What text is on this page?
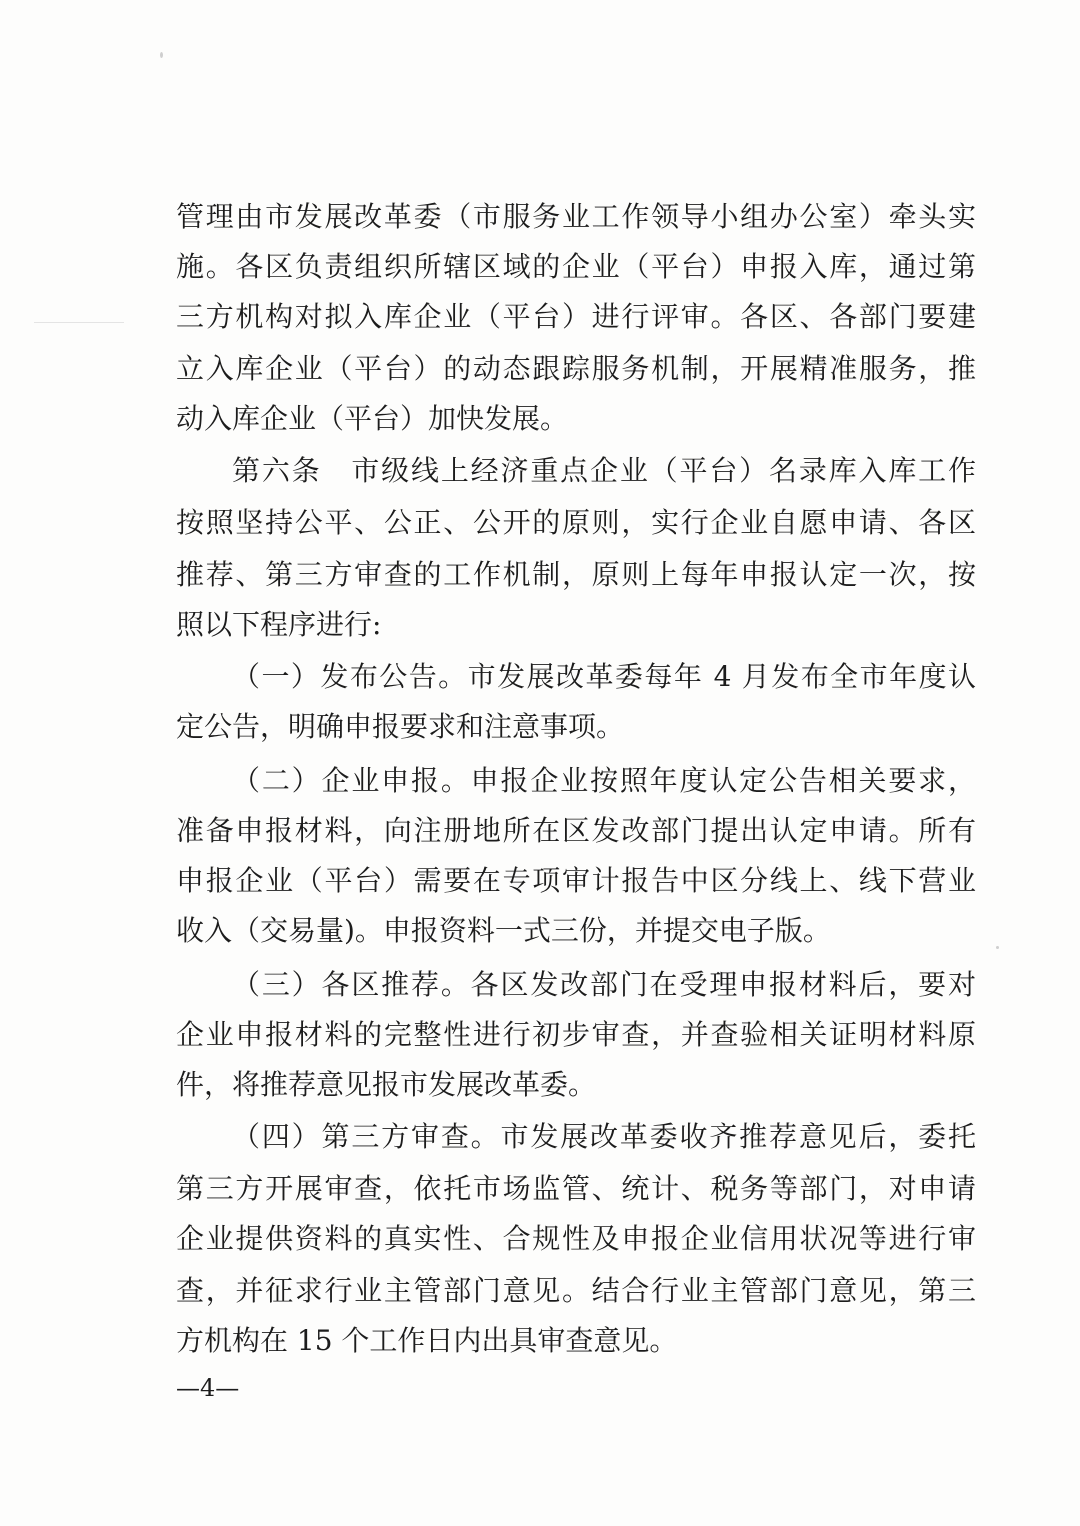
管理由市发展改革委（市服务业工作领导小组办公室）牵头实
施。各区负责组织所辖区域的企业（平台）申报入库，通过第
三方机构对拟入库企业（平台）进行评审。各区、各部门要建
立入库企业（平台）的动态跟踪服务机制，开展精准服务，推
动入库企业（平台）加快发展。
第六条　市级线上经济重点企业（平台）名录库入库工作
按照坚持公平、公正、公开的原则，实行企业自愿申请、各区
推荐、第三方审查的工作机制，原则上每年申报认定一次，按
照以下程序进行:
（一）发布公告。市发展改革委每年 4 月发布全市年度认
定公告，明确申报要求和注意事项。
（二）企业申报。申报企业按照年度认定公告相关要求，
准备申报材料，向注册地所在区发改部门提出认定申请。所有
申报企业（平台）需要在专项审计报告中区分线上、线下营业
收入（交易量)。申报资料一式三份，并提交电子版。
（三）各区推荐。各区发改部门在受理申报材料后，要对
企业申报材料的完整性进行初步审查，并查验相关证明材料原
件，将推荐意见报市发展改革委。
（四）第三方审查。市发展改革委收齐推荐意见后，委托
第三方开展审查，依托市场监管、统计、税务等部门，对申请
企业提供资料的真实性、合规性及申报企业信用状况等进行审
查，并征求行业主管部门意见。结合行业主管部门意见，第三
方机构在 15 个工作日内出具审查意见。
—4—
